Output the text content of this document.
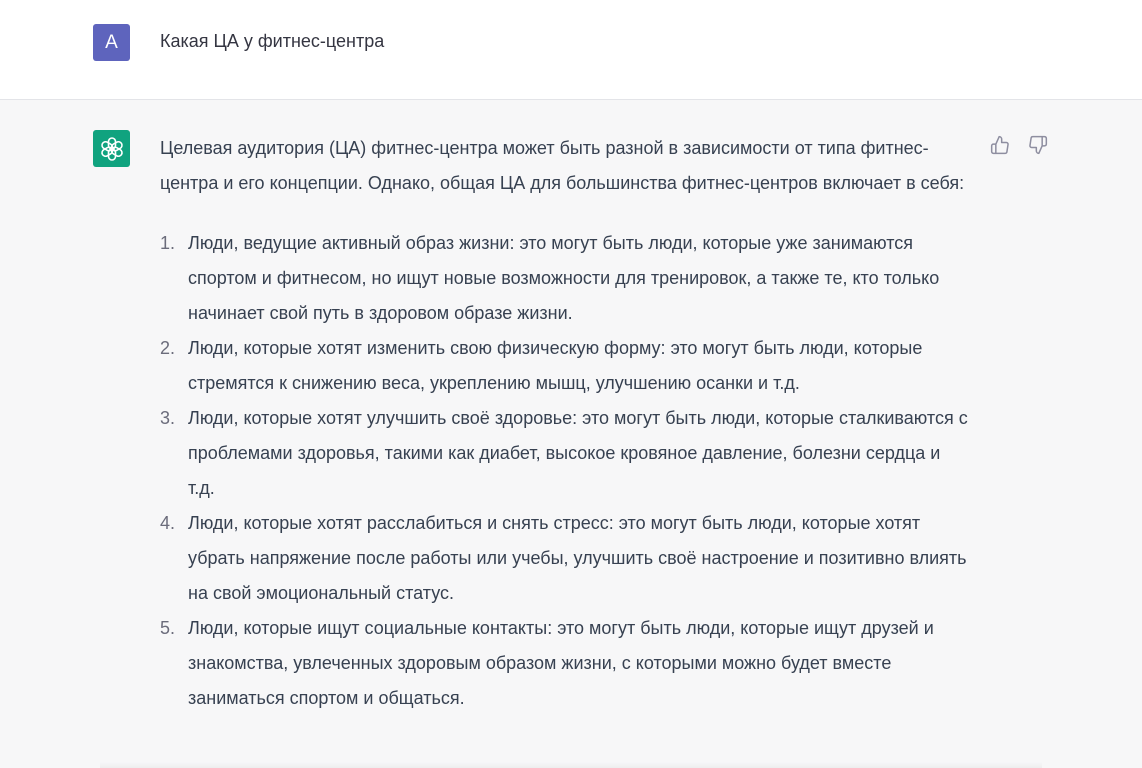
A	Какая ЦА у фитнес-центра

Целевая аудитория (ЦА) фитнес-центра может быть разной в зависимости от типа фитнес-центра и его концепции. Однако, общая ЦА для большинства фитнес-центров включает в себя:

1. Люди, ведущие активный образ жизни: это могут быть люди, которые уже занимаются спортом и фитнесом, но ищут новые возможности для тренировок, а также те, кто только начинает свой путь в здоровом образе жизни.
2. Люди, которые хотят изменить свою физическую форму: это могут быть люди, которые стремятся к снижению веса, укреплению мышц, улучшению осанки и т.д.
3. Люди, которые хотят улучшить своё здоровье: это могут быть люди, которые сталкиваются с проблемами здоровья, такими как диабет, высокое кровяное давление, болезни сердца и т.д.
4. Люди, которые хотят расслабиться и снять стресс: это могут быть люди, которые хотят убрать напряжение после работы или учебы, улучшить своё настроение и позитивно влиять на свой эмоциональный статус.
5. Люди, которые ищут социальные контакты: это могут быть люди, которые ищут друзей и знакомства, увлеченных здоровым образом жизни, с которыми можно будет вместе заниматься спортом и общаться.
